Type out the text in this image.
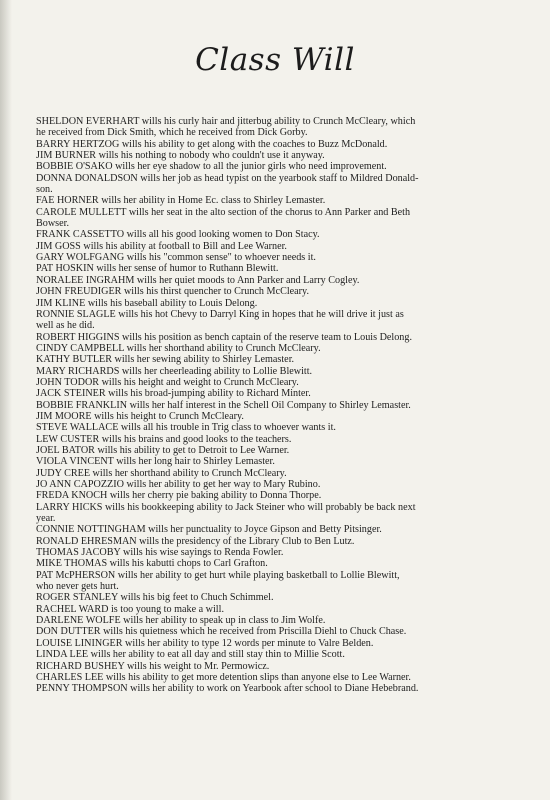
Class Will
SHELDON EVERHART wills his curly hair and jitterbug ability to Crunch McCleary, which
he received from Dick Smith, which he received from Dick Gorby.
BARRY HERTZOG wills his ability to get along with the coaches to Buzz McDonald.
JIM BURNER wills his nothing to nobody who couldn't use it anyway.
BOBBIE O'SAKO wills her eye shadow to all the junior girls who need improvement.
DONNA DONALDSON wills her job as head typist on the yearbook staff to Mildred Donald-
son.
FAE HORNER wills her ability in Home Ec. class to Shirley Lemaster.
CAROLE MULLETT wills her seat in the alto section of the chorus to Ann Parker and Beth
Bowser.
FRANK CASSETTO wills all his good looking women to Don Stacy.
JIM GOSS wills his ability at football to Bill and Lee Warner.
GARY WOLFGANG wills his "common sense" to whoever needs it.
PAT HOSKIN wills her sense of humor to Ruthann Blewitt.
NORALEE INGRAHM wills her quiet moods to Ann Parker and Larry Cogley.
JOHN FREUDIGER wills his thirst quencher to Crunch McCleary.
JIM KLINE wills his baseball ability to Louis Delong.
RONNIE SLAGLE wills his hot Chevy to Darryl King in hopes that he will drive it just as
well as he did.
ROBERT HIGGINS wills his position as bench captain of the reserve team to Louis Delong.
CINDY CAMPBELL wills her shorthand ability to Crunch McCleary.
KATHY BUTLER wills her sewing ability to Shirley Lemaster.
MARY RICHARDS wills her cheerleading ability to Lollie Blewitt.
JOHN TODOR wills his height and weight to Crunch McCleary.
JACK STEINER wills his broad-jumping ability to Richard Minter.
BOBBIE FRANKLIN wills her half interest in the Schell Oil Company to Shirley Lemaster.
JIM MOORE wills his height to Crunch McCleary.
STEVE WALLACE wills all his trouble in Trig class to whoever wants it.
LEW CUSTER wills his brains and good looks to the teachers.
JOEL BATOR wills his ability to get to Detroit to Lee Warner.
VIOLA VINCENT wills her long hair to Shirley Lemaster.
JUDY CREE wills her shorthand ability to Crunch McCleary.
JO ANN CAPOZZIO wills her ability to get her way to Mary Rubino.
FREDA KNOCH wills her cherry pie baking ability to Donna Thorpe.
LARRY HICKS wills his bookkeeping ability to Jack Steiner who will probably be back next
year.
CONNIE NOTTINGHAM wills her punctuality to Joyce Gipson and Betty Pitsinger.
RONALD EHRESMAN wills the presidency of the Library Club to Ben Lutz.
THOMAS JACOBY wills his wise sayings to Renda Fowler.
MIKE THOMAS wills his kabutti chops to Carl Grafton.
PAT McPHERSON wills her ability to get hurt while playing basketball to Lollie Blewitt,
who never gets hurt.
ROGER STANLEY wills his big feet to Chuch Schimmel.
RACHEL WARD is too young to make a will.
DARLENE WOLFE wills her ability to speak up in class to Jim Wolfe.
DON DUTTER wills his quietness which he received from Priscilla Diehl to Chuck Chase.
LOUISE LININGER wills her ability to type 12 words per minute to Valre Belden.
LINDA LEE wills her ability to eat all day and still stay thin to Millie Scott.
RICHARD BUSHEY wills his weight to Mr. Permowicz.
CHARLES LEE wills his ability to get more detention slips than anyone else to Lee Warner.
PENNY THOMPSON wills her ability to work on Yearbook after school to Diane Hebebrand.
